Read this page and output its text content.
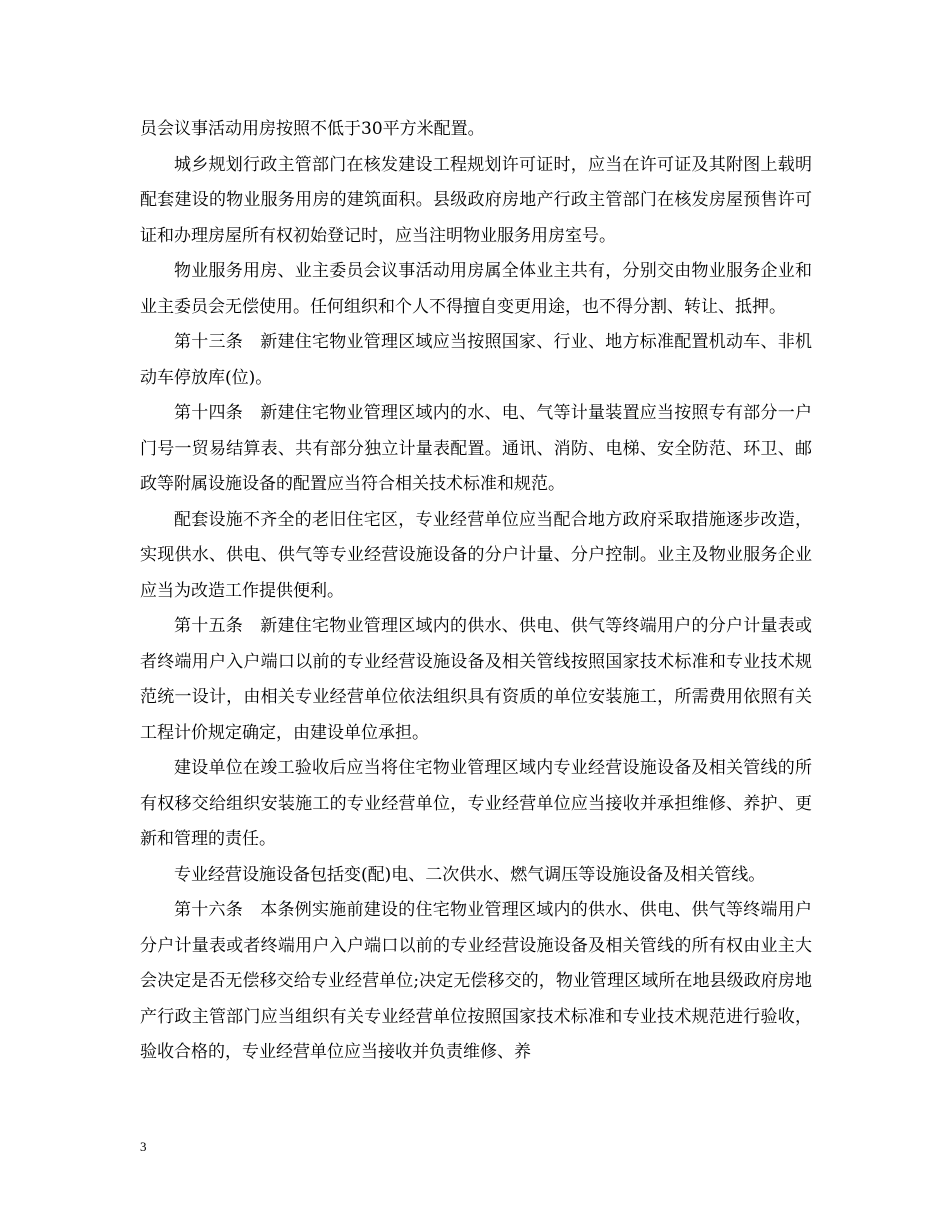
员会议事活动用房按照不低于30平方米配置。

城乡规划行政主管部门在核发建设工程规划许可证时，应当在许可证及其附图上载明配套建设的物业服务用房的建筑面积。县级政府房地产行政主管部门在核发房屋预售许可证和办理房屋所有权初始登记时，应当注明物业服务用房室号。

物业服务用房、业主委员会议事活动用房属全体业主共有，分别交由物业服务企业和业主委员会无偿使用。任何组织和个人不得擅自变更用途，也不得分割、转让、抵押。

第十三条　新建住宅物业管理区域应当按照国家、行业、地方标准配置机动车、非机动车停放库(位)。

第十四条　新建住宅物业管理区域内的水、电、气等计量装置应当按照专有部分一户门号一贸易结算表、共有部分独立计量表配置。通讯、消防、电梯、安全防范、环卫、邮政等附属设施设备的配置应当符合相关技术标准和规范。

配套设施不齐全的老旧住宅区，专业经营单位应当配合地方政府采取措施逐步改造，实现供水、供电、供气等专业经营设施设备的分户计量、分户控制。业主及物业服务企业应当为改造工作提供便利。

第十五条　新建住宅物业管理区域内的供水、供电、供气等终端用户的分户计量表或者终端用户入户端口以前的专业经营设施设备及相关管线按照国家技术标准和专业技术规范统一设计，由相关专业经营单位依法组织具有资质的单位安装施工，所需费用依照有关工程计价规定确定，由建设单位承担。

建设单位在竣工验收后应当将住宅物业管理区域内专业经营设施设备及相关管线的所有权移交给组织安装施工的专业经营单位，专业经营单位应当接收并承担维修、养护、更新和管理的责任。

专业经营设施设备包括变(配)电、二次供水、燃气调压等设施设备及相关管线。

第十六条　本条例实施前建设的住宅物业管理区域内的供水、供电、供气等终端用户分户计量表或者终端用户入户端口以前的专业经营设施设备及相关管线的所有权由业主大会决定是否无偿移交给专业经营单位;决定无偿移交的，物业管理区域所在地县级政府房地产行政主管部门应当组织有关专业经营单位按照国家技术标准和专业技术规范进行验收，验收合格的，专业经营单位应当接收并负责维修、养

3
